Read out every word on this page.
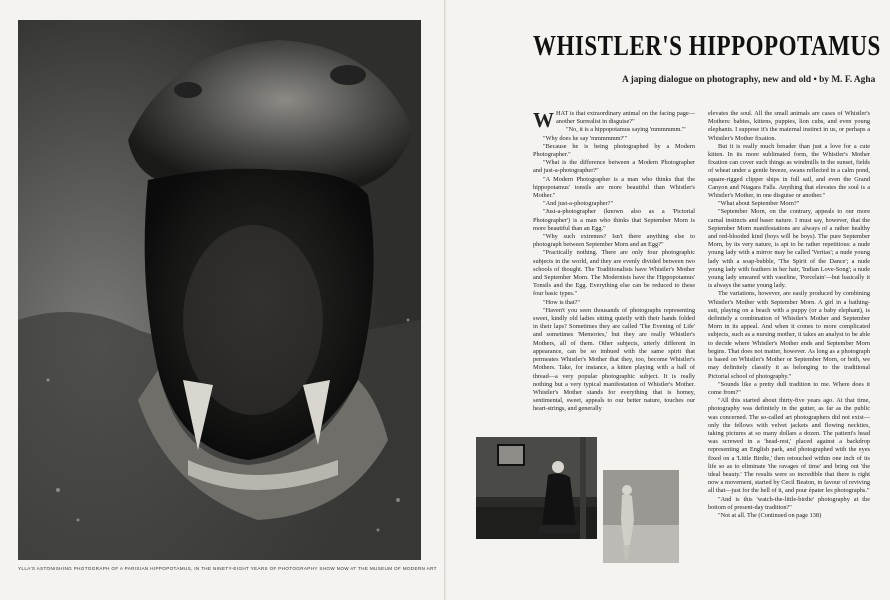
YLLA'S ASTONISHING PHOTOGRAPH OF A PARISIAN HIPPOPOTAMUS, IN THE NINETY-EIGHT YEARS OF PHOTOGRAPHY SHOW NOW AT THE MUSEUM OF MODERN ART
WHISTLER'S HIPPOPOTAMUS
A japing dialogue on photography, new and old • by M. F. Agha

WHAT is that extraordinary animal on the facing page—another Surrealist in disguise?"

"No, it is a hippopotamus saying 'mmmmmm.'"

"Why does he say 'mmmmmm?'"

"Because he is being photographed by a Modern Photographer."

"What is the difference between a Modern Photographer and just-a-photographer?"

"A Modern Photographer is a man who thinks that the hippopotamus' tonsils are more beautiful than Whistler's Mother."

"And just-a-photographer?"

"Just-a-photographer (known also as a 'Pictorial Photographer') is a man who thinks that September Morn is more beautiful than an Egg."

"Why such extremes? Isn't there anything else to photograph between September Morn and an Egg?"

"Practically nothing. There are only four photographic subjects in the world, and they are evenly divided between two schools of thought. The Traditionalists have Whistler's Mother and September Morn. The Modernists have the Hippopotamus' Tonsils and the Egg. Everything else can be reduced to these four basic types."

"How is that?"

"Haven't you seen thousands of photographs representing sweet, kindly old ladies sitting quietly with their hands folded in their laps? Sometimes they are called 'The Evening of Life' and sometimes 'Memories,' but they are really Whistler's Mothers, all of them. Other subjects, utterly different in appearance, can be so imbued with the same spirit that permeates Whistler's Mother that they, too, become Whistler's Mothers. Take, for instance, a kitten playing with a ball of thread—a very popular photographic subject. It is really nothing but a very typical manifestation of Whistler's Mother. Whistler's Mother stands for everything that is homey, sentimental, sweet, appeals to our better nature, touches our heart-strings, and generally

elevates the soul. All the small animals are cases of Whistler's Mothers: babies, kittens, puppies, lion cubs, and even young elephants. I suppose it's the maternal instinct in us, or perhaps a Whistler's Mother fixation.

But it is really much broader than just a love for a cute kitten. In its more sublimated form, the Whistler's Mother fixation can cover such things as windmills in the sunset, fields of wheat under a gentle breeze, swans reflected in a calm pond, square-rigged clipper ships in full sail, and even the Grand Canyon and Niagara Falls. Anything that elevates the soul is a Whistler's Mother, in one disguise or another."

"What about September Morn?"

"September Morn, on the contrary, appeals to our more carnal instincts and baser nature. I must say, however, that the September Morn manifestations are always of a rather healthy and red-blooded kind (boys will be boys). The pure September Morn, by its very nature, is apt to be rather repetitious: a nude young lady with a mirror may be called 'Veritas'; a nude young lady with a soap-bubble, 'The Spirit of the Dance'; a nude young lady with feathers in her hair, 'Indian Love-Song'; a nude young lady smeared with vaseline, 'Porcelain'—but basically it is always the same young lady.

The variations, however, are easily produced by combining Whistler's Mother with September Morn. A girl in a bathing-suit, playing on a beach with a puppy (or a baby elephant), is definitely a combination of Whistler's Mother and September Morn in its appeal. And when it comes to more complicated subjects, such as a nursing mother, it takes an analyst to be able to decide where Whistler's Mother ends and September Morn begins. That does not matter, however. As long as a photograph is based on Whistler's Mother or September Morn, or both, we may definitely classify it as belonging to the traditional Pictorial school of photography."

"Sounds like a pretty dull tradition to me. Where does it come from?"

"All this started about thirty-five years ago. At that time, photography was definitely in the gutter, as far as the public was concerned. The so-called art photographers did not exist—only the fellows with velvet jackets and flowing neckties, taking pictures at so many dollars a dozen. The patient's head was screwed in a 'head-rest,' placed against a backdrop representing an English park, and photographed with the eyes fixed on a 'Little Birdie,' then retouched within one inch of its life so as to eliminate 'the ravages of time' and bring out 'the ideal beauty.' The results were so incredible that there is right now a movement, started by Cecil Beaton, in favour of reviving all that—just for the hell of it, and pour épater les photographs."

"And is this 'watch-the-little-birdie' photography at the bottom of present-day tradition?"

"Not at all. The (Continued on page 138)
